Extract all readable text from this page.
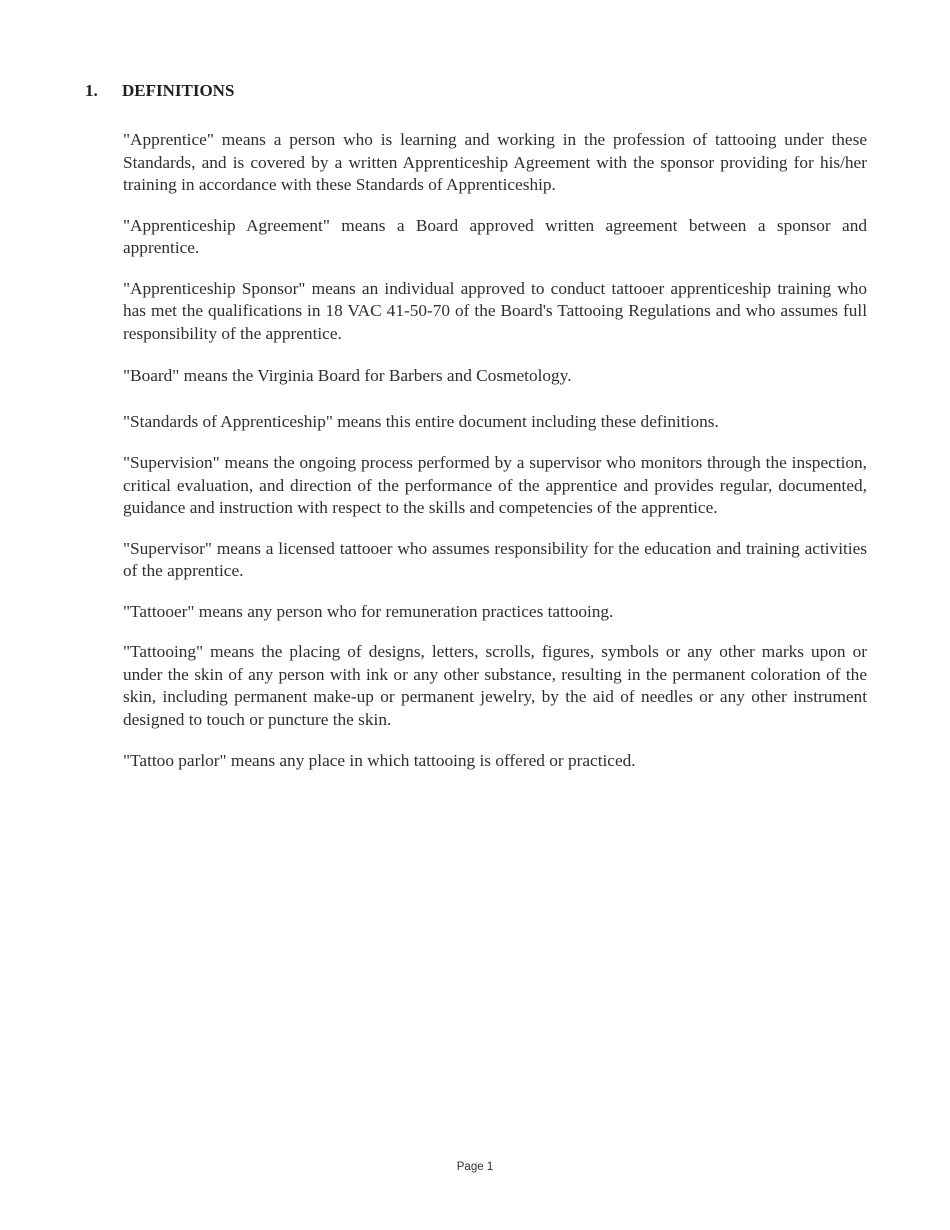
1. DEFINITIONS

"Apprentice" means a person who is learning and working in the profession of tattooing under these Standards, and is covered by a written Apprenticeship Agreement with the sponsor providing for his/her training in accordance with these Standards of Apprenticeship.

"Apprenticeship Agreement" means a Board approved written agreement between a sponsor and apprentice.

"Apprenticeship Sponsor" means an individual approved to conduct tattooer apprenticeship training who has met the qualifications in 18 VAC 41-50-70 of the Board's Tattooing Regulations and who assumes full responsibility of the apprentice.

"Board" means the Virginia Board for Barbers and Cosmetology.

"Standards of Apprenticeship" means this entire document including these definitions.

"Supervision" means the ongoing process performed by a supervisor who monitors through the inspection, critical evaluation, and direction of the performance of the apprentice and provides regular, documented, guidance and instruction with respect to the skills and competencies of the apprentice.

"Supervisor" means a licensed tattooer who assumes responsibility for the education and training activities of the apprentice.

"Tattooer" means any person who for remuneration practices tattooing.

"Tattooing" means the placing of designs, letters, scrolls, figures, symbols or any other marks upon or under the skin of any person with ink or any other substance, resulting in the permanent coloration of the skin, including permanent make-up or permanent jewelry, by the aid of needles or any other instrument designed to touch or puncture the skin.

"Tattoo parlor" means any place in which tattooing is offered or practiced.

Page 1
